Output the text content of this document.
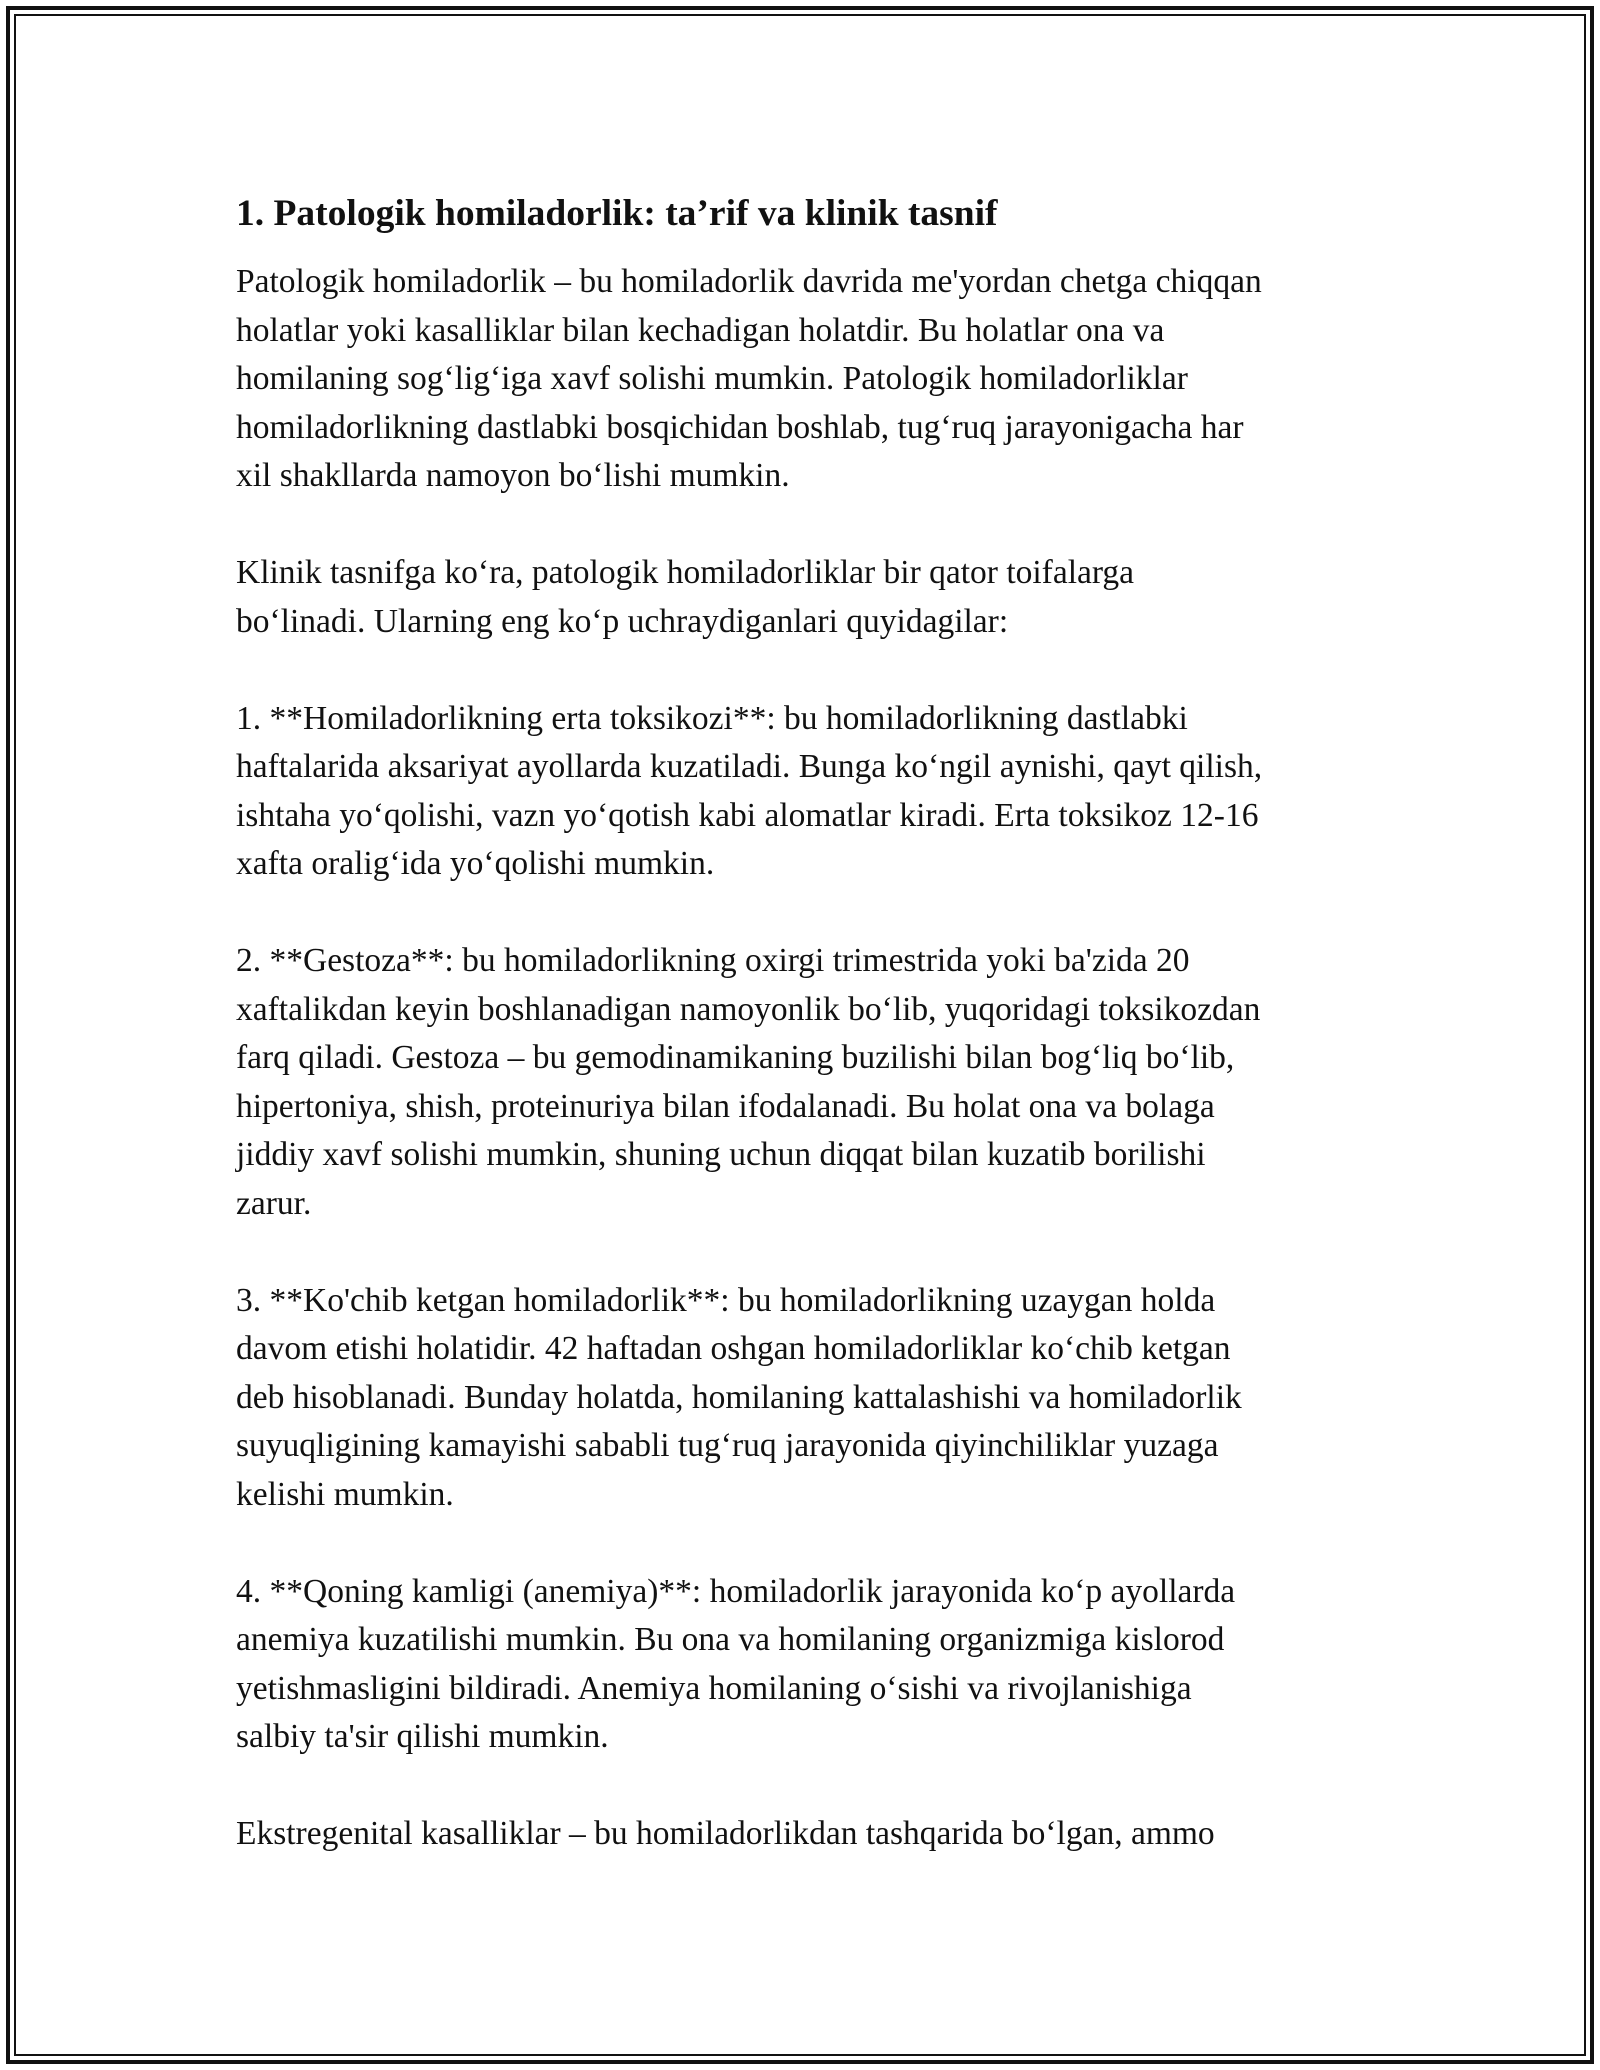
1. Patologik homiladorlik: ta’rif va klinik tasnif
Patologik homiladorlik – bu homiladorlik davrida me'yordan chetga chiqqan
holatlar yoki kasalliklar bilan kechadigan holatdir. Bu holatlar ona va
homilaning sog‘lig‘iga xavf solishi mumkin. Patologik homiladorliklar
homiladorlikning dastlabki bosqichidan boshlab, tug‘ruq jarayonigacha har
xil shakllarda namoyon bo‘lishi mumkin.
Klinik tasnifga ko‘ra, patologik homiladorliklar bir qator toifalarga
bo‘linadi. Ularning eng ko‘p uchraydiganlari quyidagilar:
1. **Homiladorlikning erta toksikozi**: bu homiladorlikning dastlabki
haftalarida aksariyat ayollarda kuzatiladi. Bunga ko‘ngil aynishi, qayt qilish,
ishtaha yo‘qolishi, vazn yo‘qotish kabi alomatlar kiradi. Erta toksikoz 12-16
xafta oralig‘ida yo‘qolishi mumkin.
2. **Gestoza**: bu homiladorlikning oxirgi trimestrida yoki ba'zida 20
xaftalikdan keyin boshlanadigan namoyonlik bo‘lib, yuqoridagi toksikozdan
farq qiladi. Gestoza – bu gemodinamikaning buzilishi bilan bog‘liq bo‘lib,
hipertoniya, shish, proteinuriya bilan ifodalanadi. Bu holat ona va bolaga
jiddiy xavf solishi mumkin, shuning uchun diqqat bilan kuzatib borilishi
zarur.
3. **Ko'chib ketgan homiladorlik**: bu homiladorlikning uzaygan holda
davom etishi holatidir. 42 haftadan oshgan homiladorliklar ko‘chib ketgan
deb hisoblanadi. Bunday holatda, homilaning kattalashishi va homiladorlik
suyuqligining kamayishi sababli tug‘ruq jarayonida qiyinchiliklar yuzaga
kelishi mumkin.
4. **Qoning kamligi (anemiya)**: homiladorlik jarayonida ko‘p ayollarda
anemiya kuzatilishi mumkin. Bu ona va homilaning organizmiga kislorod
yetishmasligini bildiradi. Anemiya homilaning o‘sishi va rivojlanishiga
salbiy ta'sir qilishi mumkin.
Ekstregenital kasalliklar – bu homiladorlikdan tashqarida bo‘lgan, ammo
